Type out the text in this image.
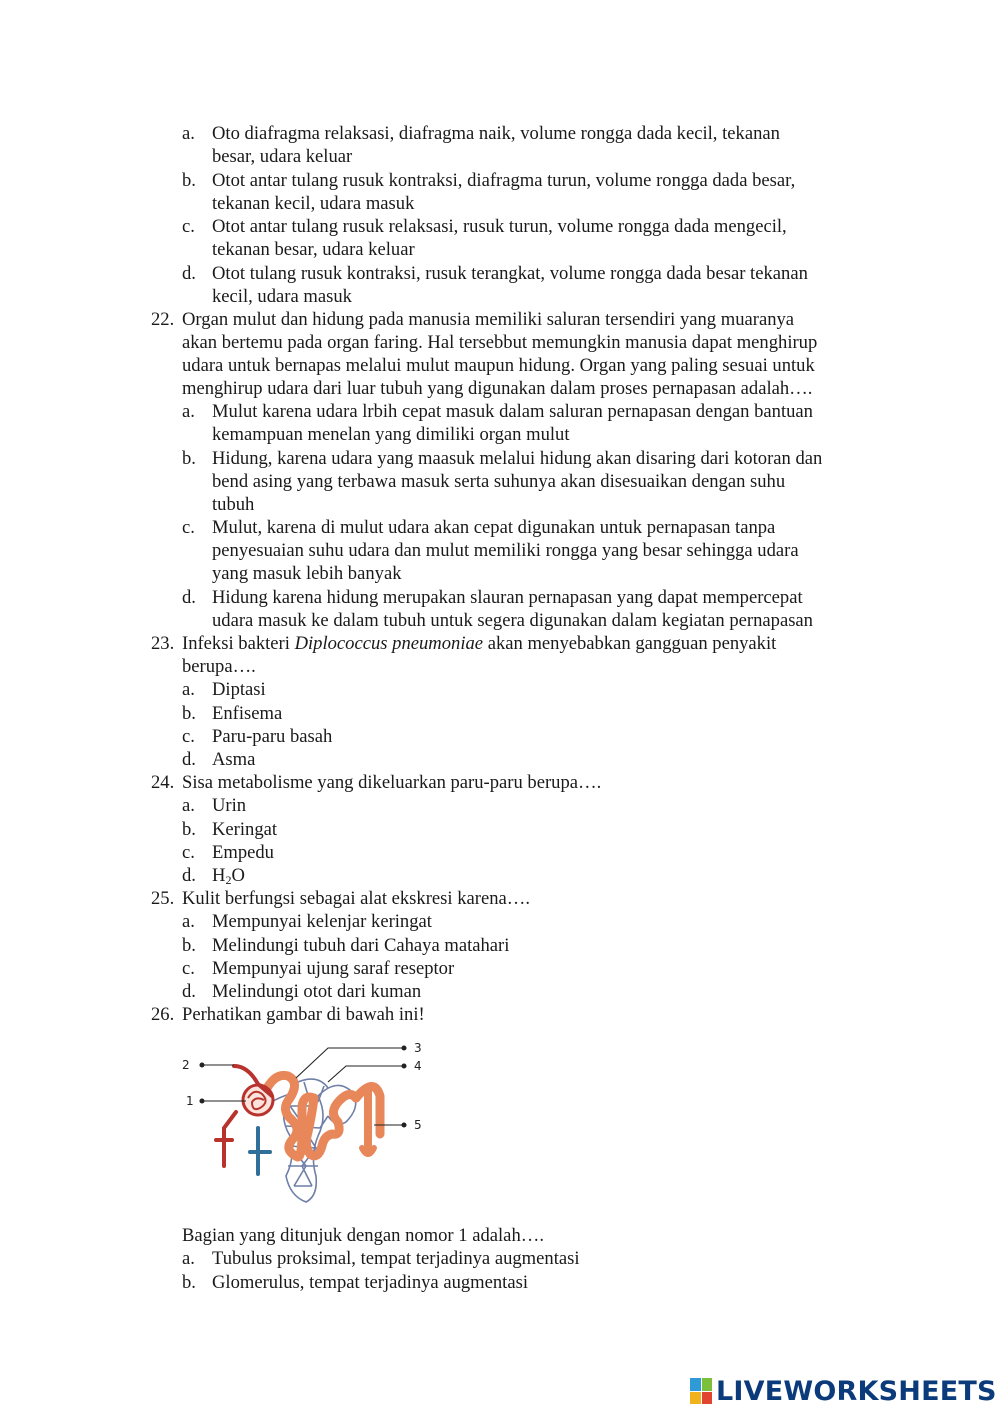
a. Oto diafragma relaksasi, diafragma naik, volume rongga dada kecil, tekanan
besar, udara keluar
b. Otot antar tulang rusuk kontraksi, diafragma turun, volume rongga dada besar,
tekanan kecil, udara masuk
c. Otot antar tulang rusuk relaksasi, rusuk turun, volume rongga dada mengecil,
tekanan besar, udara keluar
d. Otot tulang rusuk kontraksi, rusuk terangkat, volume rongga dada besar tekanan
kecil, udara masuk
22. Organ mulut dan hidung pada manusia memiliki saluran tersendiri yang muaranya
akan bertemu pada organ faring. Hal tersebbut memungkin manusia dapat menghirup
udara untuk bernapas melalui mulut maupun hidung. Organ yang paling sesuai untuk
menghirup udara dari luar tubuh yang digunakan dalam proses pernapasan adalah….
a. Mulut karena udara lrbih cepat masuk dalam saluran pernapasan dengan bantuan
kemampuan menelan yang dimiliki organ mulut
b. Hidung, karena udara yang maasuk melalui hidung akan disaring dari kotoran dan
bend asing yang terbawa masuk serta suhunya akan disesuaikan dengan suhu
tubuh
c. Mulut, karena di mulut udara akan cepat digunakan untuk pernapasan tanpa
penyesuaian suhu udara dan mulut memiliki rongga yang besar sehingga udara
yang masuk lebih banyak
d. Hidung karena hidung merupakan slauran pernapasan yang dapat mempercepat
udara masuk ke dalam tubuh untuk segera digunakan dalam kegiatan pernapasan
23. Infeksi bakteri Diplococcus pneumoniae akan menyebabkan gangguan penyakit
berupa….
a. Diptasi
b. Enfisema
c. Paru-paru basah
d. Asma
24. Sisa metabolisme yang dikeluarkan paru-paru berupa….
a. Urin
b. Keringat
c. Empedu
d. $H_2O$
25. Kulit berfungsi sebagai alat ekskresi karena….
a. Mempunyai kelenjar keringat
b. Melindungi tubuh dari Cahaya matahari
c. Mempunyai ujung saraf reseptor
d. Melindungi otot dari kuman
26. Perhatikan gambar di bawah ini!
1
2
3
4
5
Bagian yang ditunjuk dengan nomor 1 adalah….
a. Tubulus proksimal, tempat terjadinya augmentasi
b. Glomerulus, tempat terjadinya augmentasi
LIVEWORKSHEETS
